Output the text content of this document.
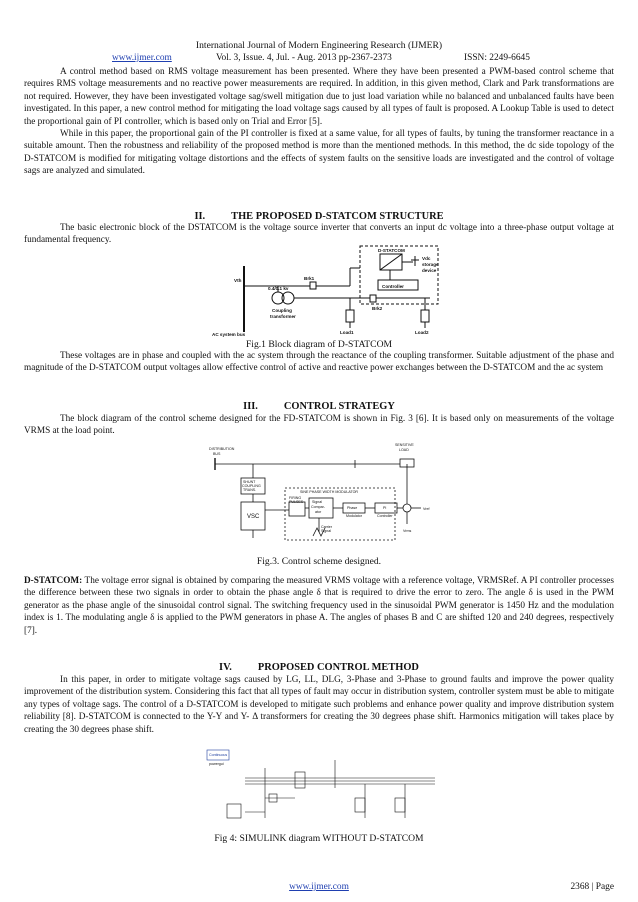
International Journal of Modern Engineering Research (IJMER)
www.ijmer.com	Vol. 3, Issue. 4, Jul. - Aug. 2013 pp-2367-2373	ISSN: 2249-6645

A control method based on RMS voltage measurement has been presented. Where they have been presented a PWM-based control scheme that requires RMS voltage measurements and no reactive power measurements are required. In addition, in this given method, Clark and Park transformations are not required. However, they have been investigated voltage sag/swell mitigation due to just load variation while no balanced and unbalanced faults have been investigated. In this paper, a new control method for mitigating the load voltage sags caused by all types of fault is proposed. A Lookup Table is used to detect the proportional gain of PI controller, which is based only on Trial and Error [5].

While in this paper, the proportional gain of the PI controller is fixed at a same value, for all types of faults, by tuning the transformer reactance in a suitable amount. Then the robustness and reliability of the proposed method is more than the mentioned methods. In this method, the dc side topology of the D-STATCOM is modified for mitigating voltage distortions and the effects of system faults on the sensitive loads are investigated and the control of voltage sags are analyzed and simulated.

II.	THE PROPOSED D-STATCOM STRUCTURE

The basic electronic block of the DSTATCOM is the voltage source inverter that converts an input dc voltage into a three-phase output voltage at fundamental frequency.

D-STATCOM
Vdc
storage
device
Vth	Brk1
Brk2
0.4/0.1 kv	Controller
Coupling
transformer
AC system bus	Load1	Load2
Fig.1 Block diagram of D-STATCOM

These voltages are in phase and coupled with the ac system through the reactance of the coupling transformer. Suitable adjustment of the phase and magnitude of the D-STATCOM output voltages allow effective control of active and reactive power exchanges between the D-STATCOM and the ac system

III.	CONTROL STRATEGY

The block diagram of the control scheme designed for the FD-STATCOM is shown in Fig. 3 [6]. It is based only on measurements of the voltage VRMS at the load point.

DISTRIBUTION
BUS
SENSITIVE
LOAD
SINE PHASE WIDTH MODULATOR
SHUNT
COUPLING
TRANS.
VSC
FIRING
PULSES Signal
Compar-
ator
Carrier
Signal
Phase
Modulator
PI
Controller
Vrms
Vref
Fig.3. Control scheme designed.
D-STATCOM: The voltage error signal is obtained by comparing the measured VRMS voltage with a reference voltage, VRMSRef. A PI controller processes the difference between these two signals in order to obtain the phase angle δ that is required to drive the error to zero. The angle δ is used in the PWM generator as the phase angle of the sinusoidal control signal. The switching frequency used in the sinusoidal PWM generator is 1450 Hz and the modulation index is 1. The modulating angle δ is applied to the PWM generators in phase A. The angles of phases B and C are shifted 120 and 240 degrees, respectively [7].
IV.	PROPOSED CONTROL METHOD

In this paper, in order to mitigate voltage sags caused by LG, LL, DLG, 3-Phase and 3-Phase to ground faults and improve the power quality improvement of the distribution system. Considering this fact that all types of fault may occur in distribution system, controller system must be able to mitigate any types of voltage sags. The control of a D-STATCOM is developed to mitigate such problems and enhance power quality and improve distribution system reliability [8]. D-STATCOM is connected to the Y-Y and Y- Δ transformers for creating the 30 degrees phase shift. Harmonics mitigation will takes place by creating the 30 degrees phase shift.

Continuous
powergui
Fig 4: SIMULINK diagram WITHOUT D-STATCOM
www.ijmer.com	2368 | Page
